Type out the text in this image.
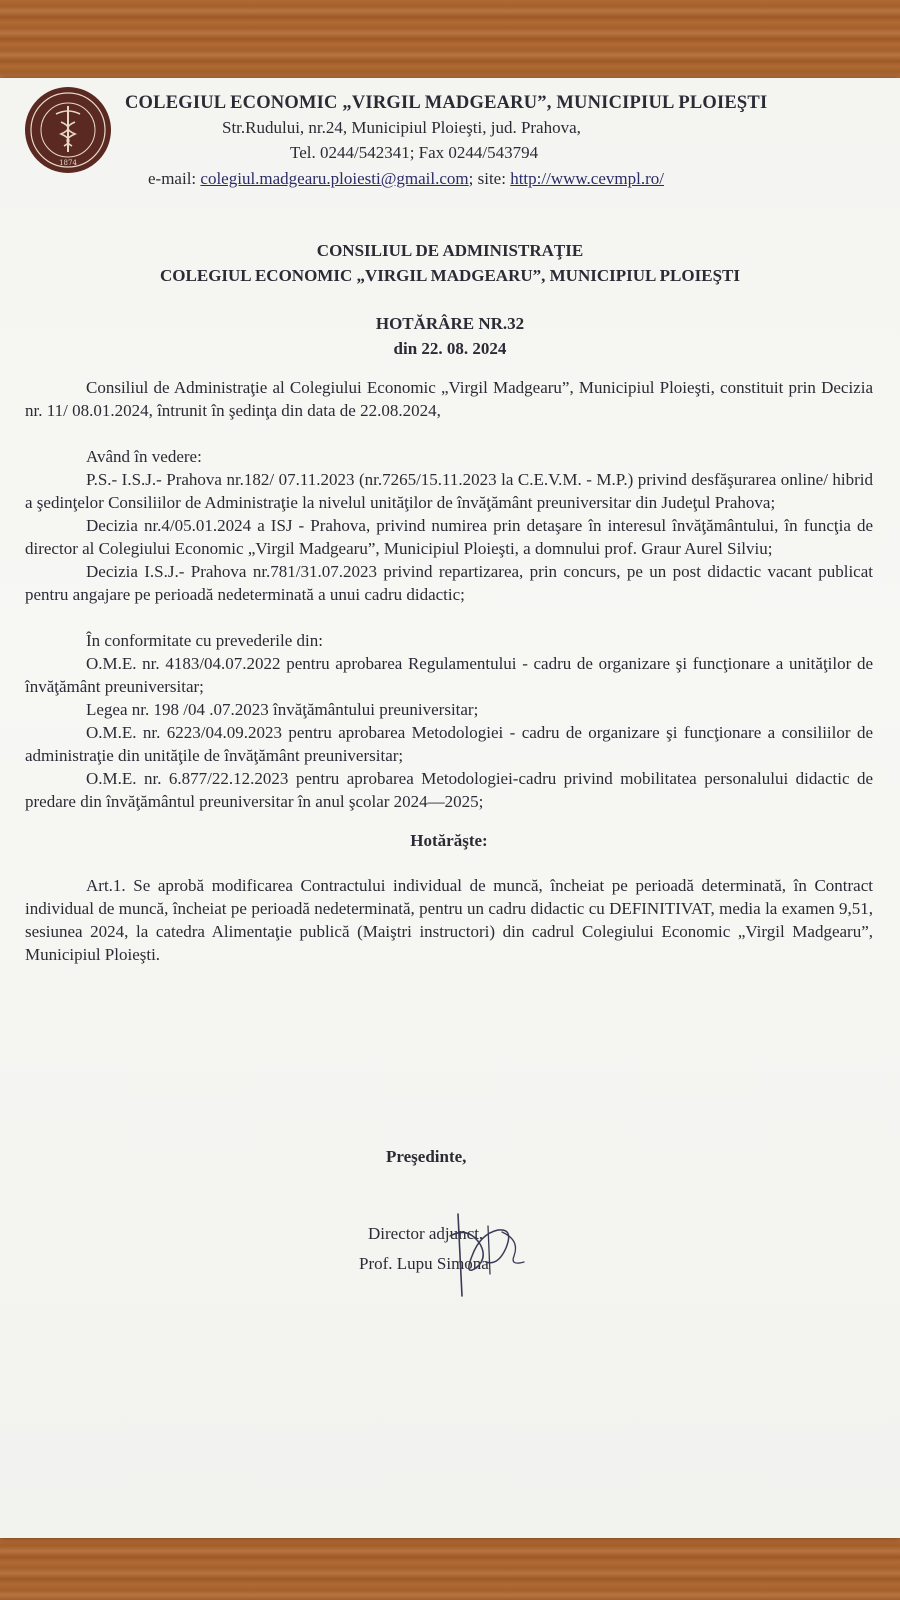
1874
COLEGIUL ECONOMIC „VIRGIL MADGEARU”, MUNICIPIUL PLOIEŞTI
Str.Rudului, nr.24, Municipiul Ploieşti, jud. Prahova,
Tel. 0244/542341; Fax 0244/543794
e-mail: colegiul.madgearu.ploiesti@gmail.com; site: http://www.cevmpl.ro/
CONSILIUL DE ADMINISTRAŢIE
COLEGIUL ECONOMIC „VIRGIL MADGEARU”, MUNICIPIUL PLOIEŞTI
HOTĂRÂRE NR.32
din 22. 08. 2024

Consiliul de Administraţie al Colegiului Economic „Virgil Madgearu”, Municipiul Ploieşti, constituit prin Decizia nr. 11/ 08.01.2024, întrunit în şedinţa din data de 22.08.2024,

Având în vedere:

P.S.- I.S.J.- Prahova nr.182/ 07.11.2023 (nr.7265/15.11.2023 la C.E.V.M. - M.P.) privind desfăşurarea online/ hibrid a şedinţelor Consiliilor de Administraţie la nivelul unităţilor de învăţământ preuniversitar din Judeţul Prahova;

Decizia nr.4/05.01.2024 a ISJ - Prahova, privind numirea prin detaşare în interesul învăţământului, în funcţia de director al Colegiului Economic „Virgil Madgearu”, Municipiul Ploieşti, a domnului prof. Graur Aurel Silviu;

Decizia I.S.J.- Prahova nr.781/31.07.2023 privind repartizarea, prin concurs, pe un post didactic vacant publicat pentru angajare pe perioadă nedeterminată a unui cadru didactic;

În conformitate cu prevederile din:

O.M.E. nr. 4183/04.07.2022 pentru aprobarea Regulamentului - cadru de organizare şi funcţionare a unităţilor de învăţământ preuniversitar;

Legea nr. 198 /04 .07.2023 învăţământului preuniversitar;

O.M.E. nr. 6223/04.09.2023 pentru aprobarea Metodologiei - cadru de organizare şi funcţionare a consiliilor de administraţie din unităţile de învăţământ preuniversitar;

O.M.E. nr. 6.877/22.12.2023 pentru aprobarea Metodologiei-cadru privind mobilitatea personalului didactic de predare din învăţământul preuniversitar în anul şcolar 2024—2025;

Hotărăşte:

Art.1. Se aprobă modificarea Contractului individual de muncă, încheiat pe perioadă determinată, în Contract individual de muncă, încheiat pe perioadă nedeterminată, pentru un cadru didactic cu DEFINITIVAT, media la examen 9,51, sesiunea 2024, la catedra Alimentaţie publică (Maiştri instructori) din cadrul Colegiului Economic „Virgil Madgearu”, Municipiul Ploieşti.

Preşedinte,
Director adjunct,
Prof. Lupu Simona
